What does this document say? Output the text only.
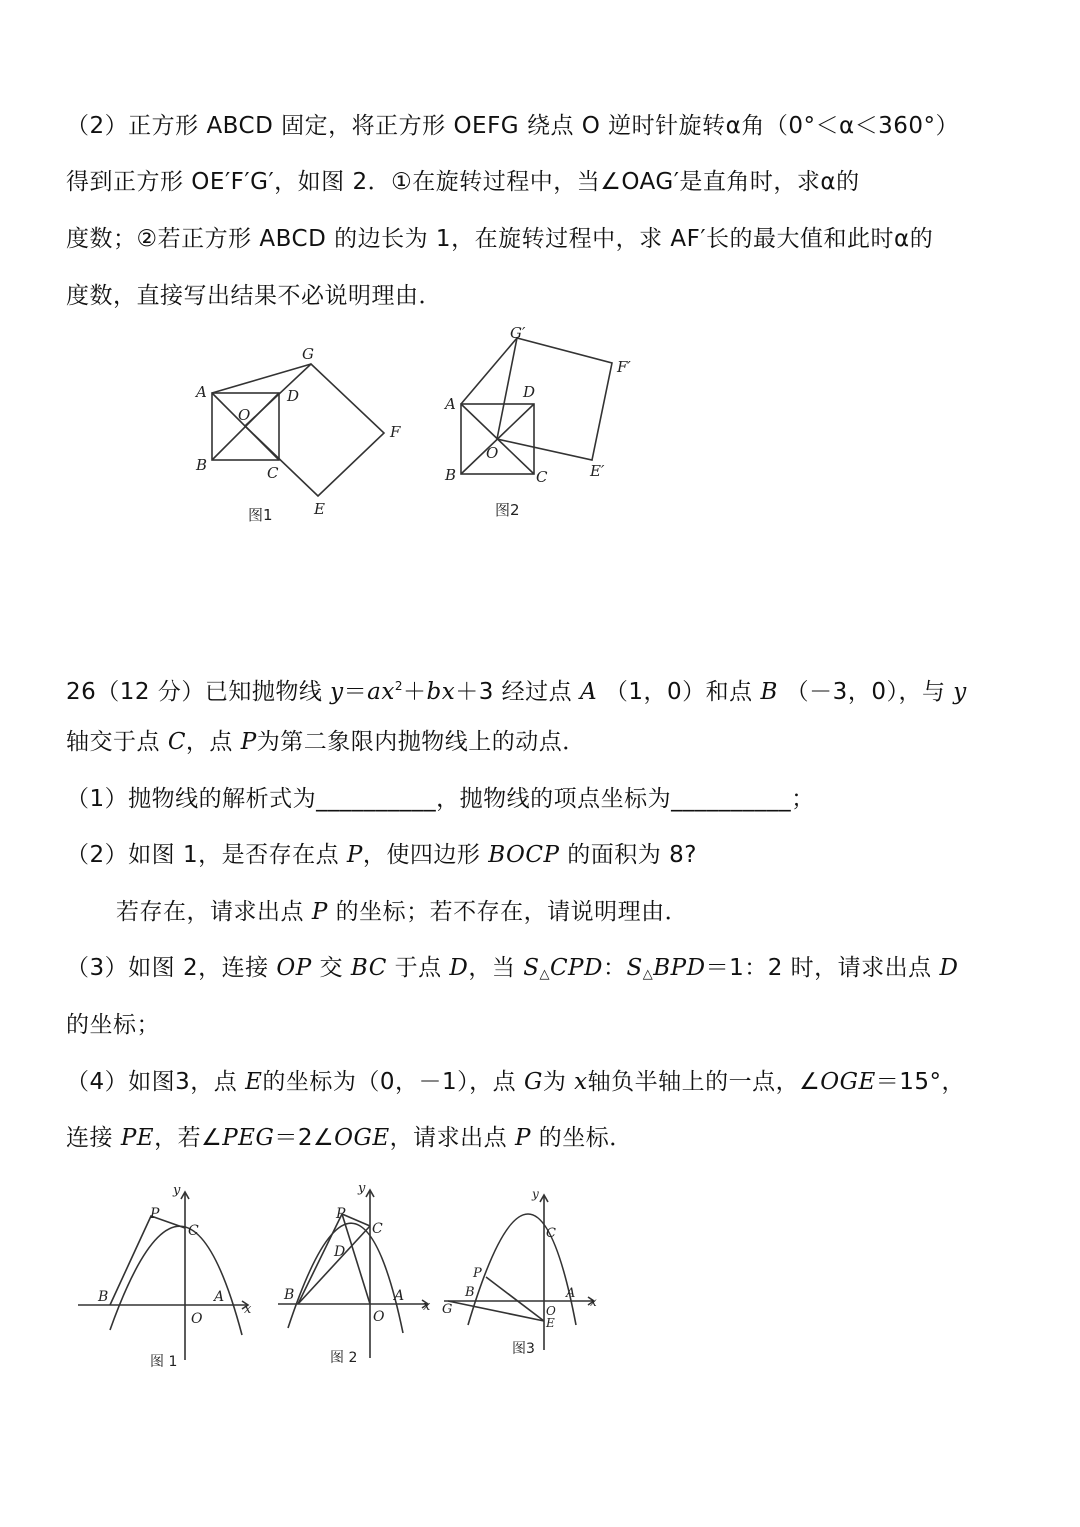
（2）正方形 ABCD 固定，将正方形 OEFG 绕点 O 逆时针旋转α角（0°＜α＜360°）
得到正方形 OE′F′G′，如图 2．①在旋转过程中，当∠OAG′是直角时，求α的
度数；②若正方形 ABCD 的边长为 1，在旋转过程中，求 AF′长的最大值和此时α的
度数，直接写出结果不必说明理由．
A
B	C
D
O
E
F
G
图1
A
B	C
D
O
E′
F′
G′
图2
26（12 分）已知抛物线 $y=ax^2+bx+3$ 经过点 A （1，0）和点 B （－3，0），与 y
轴交于点 C，点 P为第二象限内抛物线上的动点．
（1）抛物线的解析式为__________，抛物线的项点坐标为__________；
（2）如图 1，是否存在点 P，使四边形 BOCP 的面积为 8?
若存在，请求出点 P 的坐标；若不存在，请说明理由．
（3）如图 2，连接 OP 交 BC 于点 D，当 $S_\triangle CPD$：$S_\triangle BPD=1$：2 时，请求出点 D
的坐标；
（4）如图3，点 E的坐标为（0，－1），点 G为 x轴负半轴上的一点，∠OGE＝15°，
连接 PE，若∠PEG＝2∠OGE，请求出点 P 的坐标．
P
C
B
O
A
x
y
图 1
P
C
D
B
O
A
x
y
图 2
P
C
B
G	O
E
A
x
y
图3
